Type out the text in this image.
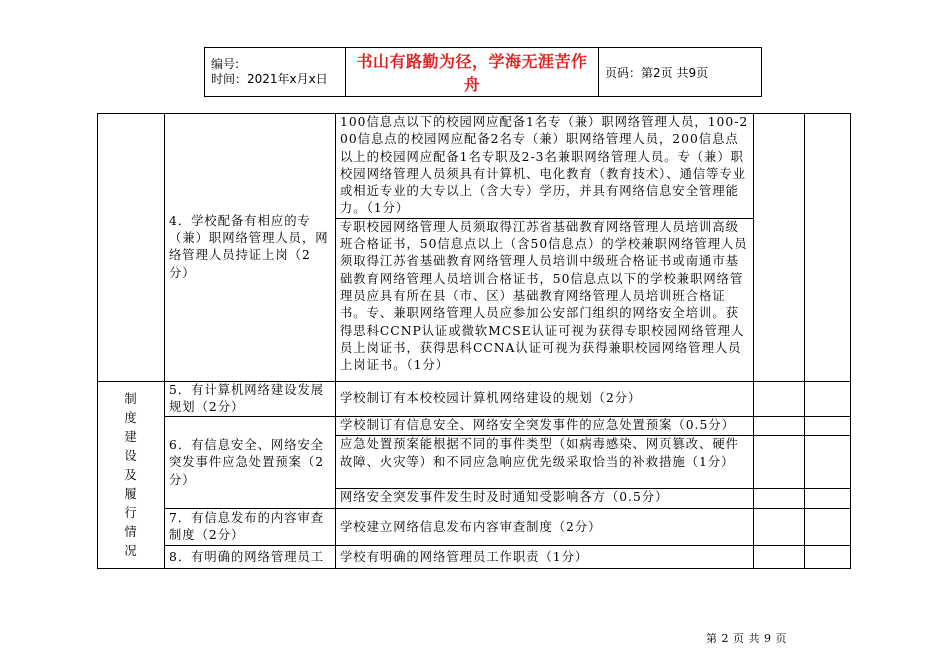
编号:
时间：2021年x月x日
	书山有路勤为径，学海无涯苦作舟	页码：第2页 共9页
	4．学校配备有相应的专（兼）职网络管理人员，网络管理人员持证上岗（2分）	100信息点以下的校园网应配备1名专（兼）职网络管理人员，100-200信息点的校园网应配备2名专（兼）职网络管理人员，200信息点以上的校园网应配备1名专职及2-3名兼职网络管理人员。专（兼）职校园网络管理人员须具有计算机、电化教育（教育技术）、通信等专业或相近专业的大专以上（含大专）学历，并具有网络信息安全管理能力。（1分）		
		专职校园网络管理人员须取得江苏省基础教育网络管理人员培训高级班合格证书，50信息点以上（含50信息点）的学校兼职网络管理人员须取得江苏省基础教育网络管理人员培训中级班合格证书或南通市基础教育网络管理人员培训合格证书，50信息点以下的学校兼职网络管理员应具有所在县（市、区）基础教育网络管理人员培训班合格证书。专、兼职网络管理人员应参加公安部门组织的网络安全培训。获得思科CCNP认证或微软MCSE认证可视为获得专职校园网络管理人员上岗证书，获得思科CCNA认证可视为获得兼职校园网络管理人员上岗证书。（1分）		

制度建设及履行情况	5．有计算机网络建设发展规划（2分）	学校制订有本校校园计算机网络建设的规划（2分）		
	6．有信息安全、网络安全突发事件应急处置预案（2分）	学校制订有信息安全、网络安全突发事件的应急处置预案（0.5分）		
		应急处置预案能根据不同的事件类型（如病毒感染、网页篡改、硬件故障、火灾等）和不同应急响应优先级采取恰当的补救措施（1分）		
		网络安全突发事件发生时及时通知受影响各方（0.5分）		
	7．有信息发布的内容审查制度（2分）	学校建立网络信息发布内容审查制度（2分）		
	8．有明确的网络管理员工	学校有明确的网络管理员工作职责（1分）		
第 2 页 共 9 页
